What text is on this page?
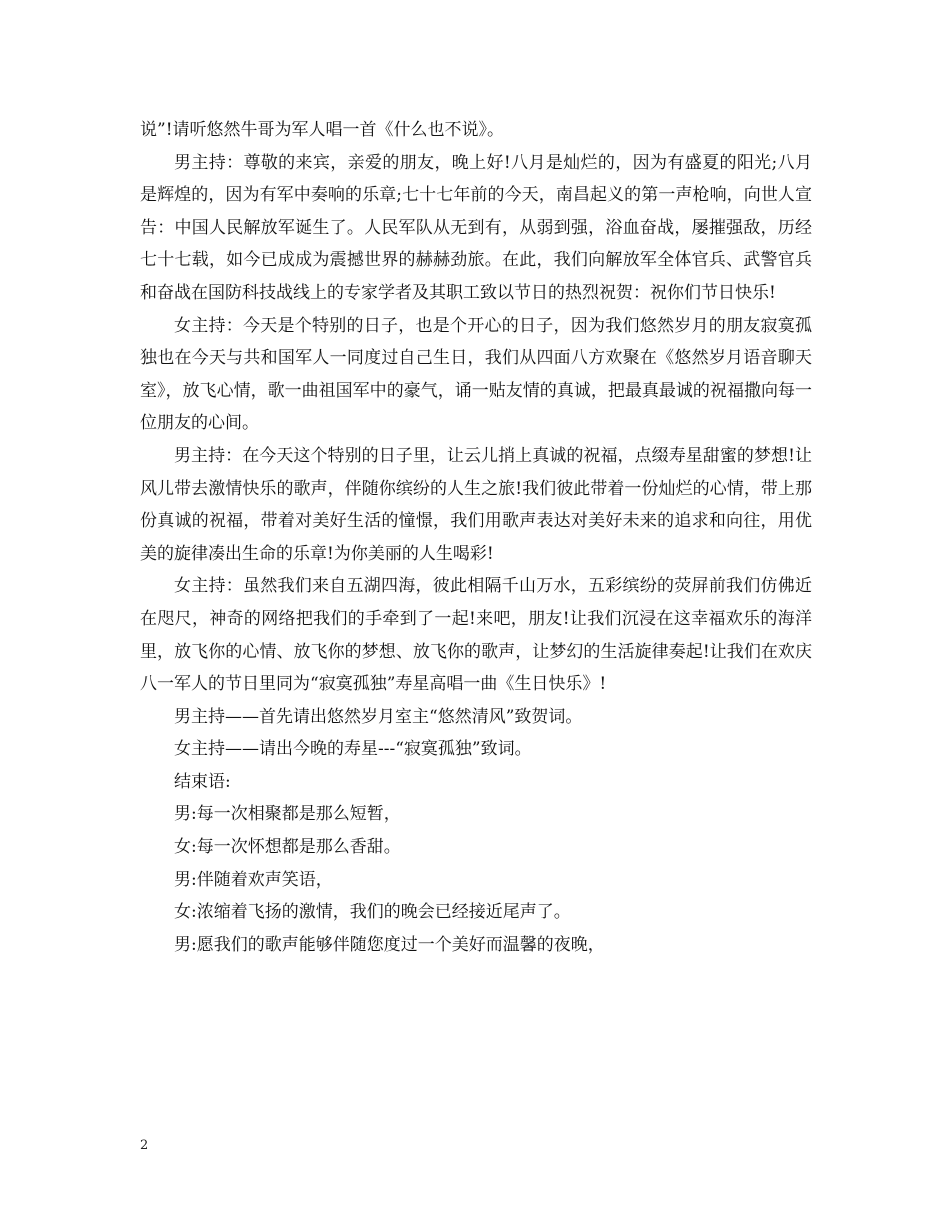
说”!请听悠然牛哥为军人唱一首《什么也不说》。

男主持：尊敬的来宾，亲爱的朋友，晚上好!八月是灿烂的，因为有盛夏的阳光;八月是辉煌的，因为有军中奏响的乐章;七十七年前的今天，南昌起义的第一声枪响，向世人宣告：中国人民解放军诞生了。人民军队从无到有，从弱到强，浴血奋战，屡摧强敌，历经七十七载，如今已成成为震撼世界的赫赫劲旅。在此，我们向解放军全体官兵、武警官兵和奋战在国防科技战线上的专家学者及其职工致以节日的热烈祝贺：祝你们节日快乐!

女主持：今天是个特别的日子，也是个开心的日子，因为我们悠然岁月的朋友寂寞孤独也在今天与共和国军人一同度过自己生日，我们从四面八方欢聚在《悠然岁月语音聊天室》，放飞心情，歌一曲祖国军中的豪气，诵一贴友情的真诚，把最真最诚的祝福撒向每一位朋友的心间。

男主持：在今天这个特别的日子里，让云儿捎上真诚的祝福，点缀寿星甜蜜的梦想!让风儿带去激情快乐的歌声，伴随你缤纷的人生之旅!我们彼此带着一份灿烂的心情，带上那份真诚的祝福，带着对美好生活的憧憬，我们用歌声表达对美好未来的追求和向往，用优美的旋律凑出生命的乐章!为你美丽的人生喝彩!

女主持：虽然我们来自五湖四海，彼此相隔千山万水，五彩缤纷的荧屏前我们仿佛近在咫尺，神奇的网络把我们的手牵到了一起!来吧，朋友!让我们沉浸在这幸福欢乐的海洋里，放飞你的心情、放飞你的梦想、放飞你的歌声，让梦幻的生活旋律奏起!让我们在欢庆八一军人的节日里同为“寂寞孤独”寿星高唱一曲《生日快乐》!

男主持——首先请出悠然岁月室主“悠然清风”致贺词。

女主持——请出今晚的寿星---“寂寞孤独”致词。

结束语:

男:每一次相聚都是那么短暂，

女:每一次怀想都是那么香甜。

男:伴随着欢声笑语，

女:浓缩着飞扬的激情，我们的晚会已经接近尾声了。

男:愿我们的歌声能够伴随您度过一个美好而温馨的夜晚，

2
